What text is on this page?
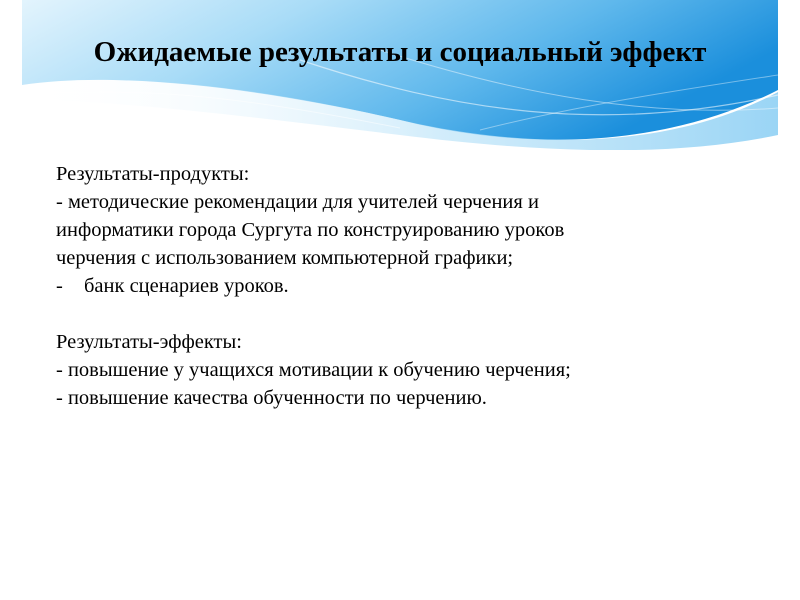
Ожидаемые результаты и социальный эффект
Результаты-продукты:
- методические рекомендации для учителей черчения и
информатики города Сургута по конструированию уроков
черчения с использованием компьютерной графики;
- банк сценариев уроков.
Результаты-эффекты:
- повышение у учащихся мотивации к обучению черчения;
- повышение качества обученности по черчению.
